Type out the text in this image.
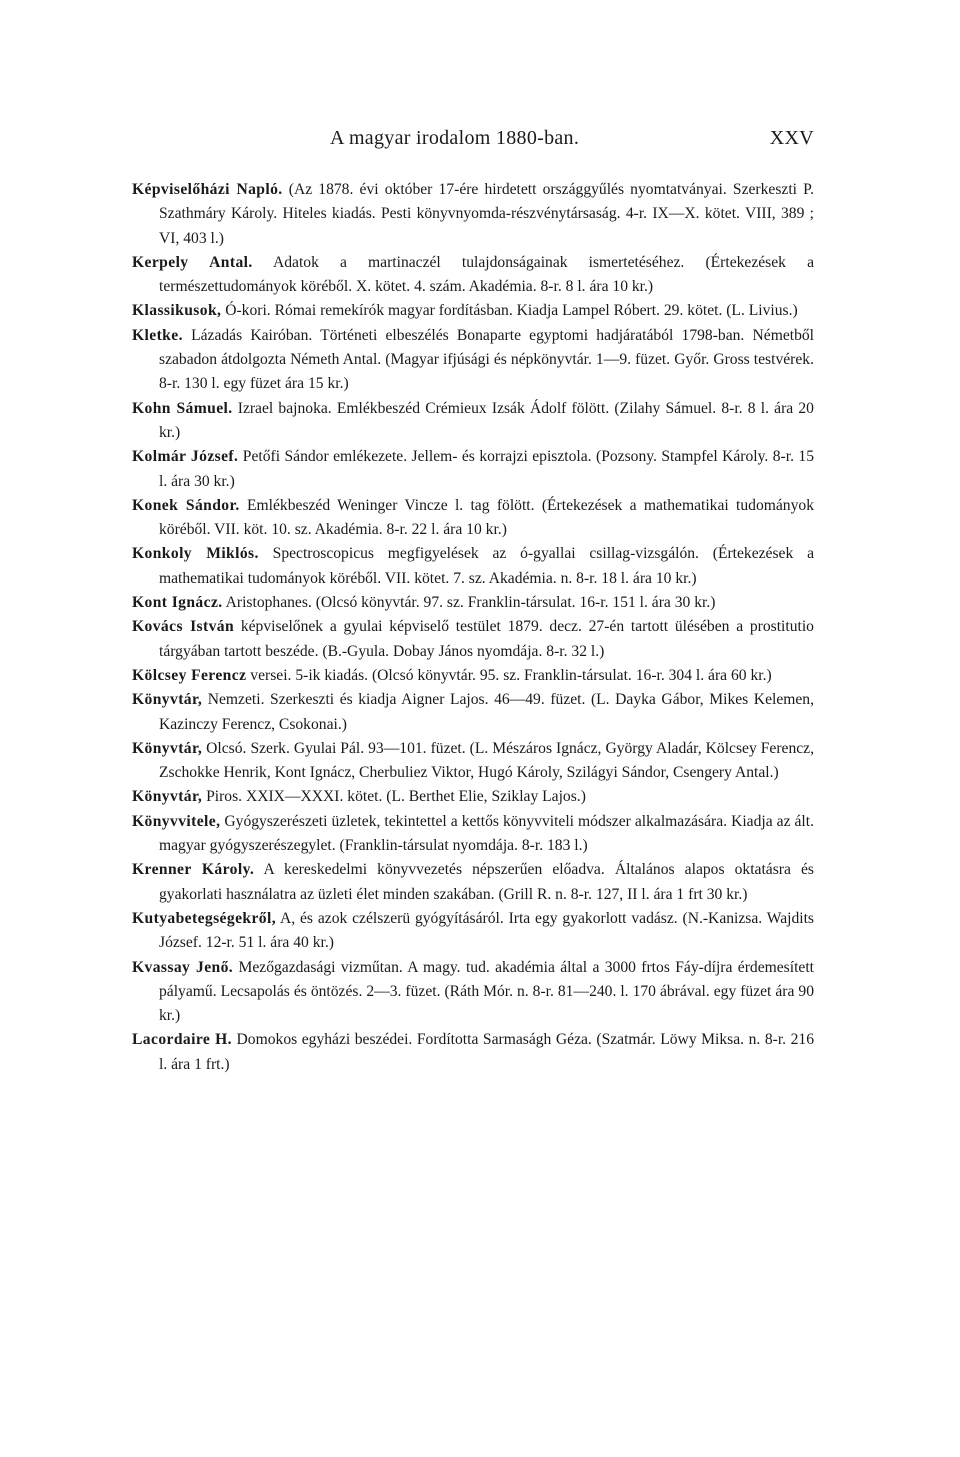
A magyar irodalom 1880-ban.	XXV
Képviselőházi Napló. (Az 1878. évi október 17-ére hirdetett országgyűlés nyomtatványai. Szerkeszti P. Szathmáry Károly. Hiteles kiadás. Pesti könyvnyomda-részvénytársaság. 4-r. IX—X. kötet. VIII, 389 ; VI, 403 l.)
Kerpely Antal. Adatok a martinaczél tulajdonságainak ismertetéséhez. (Értekezések a természettudományok köréből. X. kötet. 4. szám. Akadémia. 8-r. 8 l. ára 10 kr.)
Klassikusok, Ó-kori. Római remekírók magyar fordításban. Kiadja Lampel Róbert. 29. kötet. (L. Livius.)
Kletke. Lázadás Kairóban. Történeti elbeszélés Bonaparte egyptomi hadjáratából 1798-ban. Németből szabadon átdolgozta Németh Antal. (Magyar ifjúsági és népkönyvtár. 1—9. füzet. Győr. Gross testvérek. 8-r. 130 l. egy füzet ára 15 kr.)
Kohn Sámuel. Izrael bajnoka. Emlékbeszéd Crémieux Izsák Ádolf fölött. (Zilahy Sámuel. 8-r. 8 l. ára 20 kr.)
Kolmár József. Petőfi Sándor emlékezete. Jellem- és korrajzi episztola. (Pozsony. Stampfel Károly. 8-r. 15 l. ára 30 kr.)
Konek Sándor. Emlékbeszéd Weninger Vincze l. tag fölött. (Értekezések a mathematikai tudományok köréből. VII. köt. 10. sz. Akadémia. 8-r. 22 l. ára 10 kr.)
Konkoly Miklós. Spectroscopicus megfigyelések az ó-gyallai csillag-vizsgálón. (Értekezések a mathematikai tudományok köréből. VII. kötet. 7. sz. Akadémia. n. 8-r. 18 l. ára 10 kr.)
Kont Ignácz. Aristophanes. (Olcsó könyvtár. 97. sz. Franklin-társulat. 16-r. 151 l. ára 30 kr.)
Kovács István képviselőnek a gyulai képviselő testület 1879. decz. 27-én tartott ülésében a prostitutio tárgyában tartott beszéde. (B.-Gyula. Dobay János nyomdája. 8-r. 32 l.)
Kölcsey Ferencz versei. 5-ik kiadás. (Olcsó könyvtár. 95. sz. Franklin-társulat. 16-r. 304 l. ára 60 kr.)
Könyvtár, Nemzeti. Szerkeszti és kiadja Aigner Lajos. 46—49. füzet. (L. Dayka Gábor, Mikes Kelemen, Kazinczy Ferencz, Csokonai.)
Könyvtár, Olcsó. Szerk. Gyulai Pál. 93—101. füzet. (L. Mészáros Ignácz, György Aladár, Kölcsey Ferencz, Zschokke Henrik, Kont Ignácz, Cherbuliez Viktor, Hugó Károly, Szilágyi Sándor, Csengery Antal.)
Könyvtár, Piros. XXIX—XXXI. kötet. (L. Berthet Elie, Sziklay Lajos.)
Könyvvitele, Gyógyszerészeti üzletek, tekintettel a kettős könyvviteli módszer alkalmazására. Kiadja az ált. magyar gyógyszerészegylet. (Franklin-társulat nyomdája. 8-r. 183 l.)
Krenner Károly. A kereskedelmi könyvvezetés népszerűen előadva. Általános alapos oktatásra és gyakorlati használatra az üzleti élet minden szakában. (Grill R. n. 8-r. 127, II l. ára 1 frt 30 kr.)
Kutyabetegségekről, A, és azok czélszerü gyógyításáról. Irta egy gyakorlott vadász. (N.-Kanizsa. Wajdits József. 12-r. 51 l. ára 40 kr.)
Kvassay Jenő. Mezőgazdasági vizműtan. A magy. tud. akadémia által a 3000 frtos Fáy-díjra érdemesített pályamű. Lecsapolás és öntözés. 2—3. füzet. (Ráth Mór. n. 8-r. 81—240. l. 170 ábrával. egy füzet ára 90 kr.)
Lacordaire H. Domokos egyházi beszédei. Fordította Sarmaságh Géza. (Szatmár. Löwy Miksa. n. 8-r. 216 l. ára 1 frt.)
